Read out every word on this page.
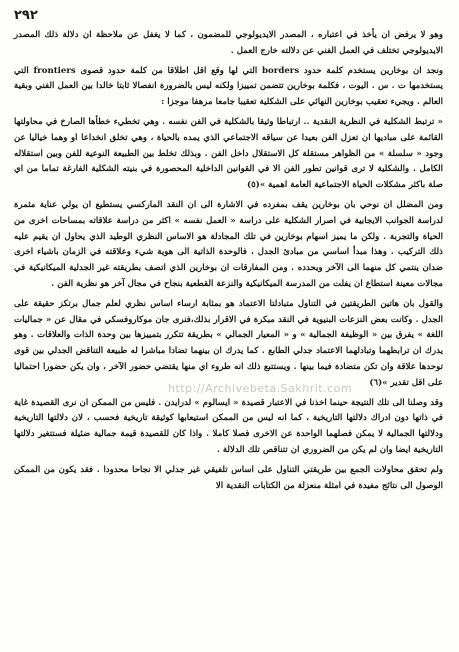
٢٩٢

وهو لا يرفض ان يأخذ في اعتباره ، المصدر الايديولوجي للمضمون ، كما لا يغفل عن ملاحظة ان دلالة ذلك المصدر الايديولوجي تختلف في العمل الفني عن دلالته خارج العمل .

ونجد ان بوخارين يستخدم كلمة حدود borders التي لها وقع اقل اطلاقا من كلمة حدود قصوى frontiers التي يستخدمها ت . س . اليوت ، فكلمة بوخارين تتضمن تمييزا ولكنه ليس بالضرورة انفصالا ثابتا خالدا بين العمل الفني وبقية العالم . ويجيء تعقيب بوخارين النهائي على الشكلية تعقيبا جامعا مرهفا موجزا :

« ترتبط الشكلية في النظرية النقدية .. ارتباطا وثيقا بالشكلية في الفن نفسه . وهي تخطيء خطأها الصارخ في محاولتها القائمة على مباديها ان تعزل الفن بعيدا عن سياقه الاجتماعي الذي يمده بالحياة ، وهي تخلق انخداعا او وهما خياليا عن وجود « سلسلة » من الظواهر مستقلة كل الاستقلال داخل الفن . وبذلك تخلط بين الطبيعة النوعية للفن وبين استقلاله الكامل . والشكلية لا ترى قوانين تطور الفن الا في القوانين الداخلية المحصورة في بنيته الشكلية الفارغة تماما من اي صلة باكثر مشكلات الحياة الاجتماعية العامة اهمية »(٥)

ومن المضلل ان نوحي بان بوخارين يقف بمفرده في الاشارة الى ان النقد الماركسي يستطيع ان يولي عناية مثمرة لدراسة الجوانب الايجابية في اصرار الشكلية على دراسة « العمل نفسه » اكثر من دراسة علاقاته بمساحات اخرى من الحياة والتجربة . ولكن ما يميز اسهام بوخارين في تلك المجادلة هو الاساس النظري الوطيد الذي يحاول ان يقيم عليه ذلك التركيب . وهذا مبدأ اساسي من مبادئ الجدل ، فالوحدة الذاتية الى هوية شيء وعلاقته في الزمان باشياء اخرى ضدان ينتمي كل منهما الى الآخر ويحدده . ومن المفارقات ان بوخارين الذي اتصف بطريقته غير الجدلية الميكانيكية في مجالات معينة استطاع ان يفلت من المدرسة الميكانيكية والنزعة القطعية بنجاح في مجال آخر هو نظرية الفن .

والقول بان هاتين الطريقتين في التناول متبادلتا الاعتماد هو بمثابة ارساء اساس نظري لعلم جمال برتكز حقيقة على الجدل . وكانت بعض النزعات البنيوية في النقد مبكرة في الاقرار بذلك،فنرى جان موكاروفسكي في مقال عن « جماليات اللغة » يفرق بين « الوظيفة الجمالية » و « المعيار الجمالي » بطريقة تتكرر بتمييزها بين وحدة الذات والعلاقات . وهو يدرك ان ترابطهما وتبادلهما الاعتماد جدلي الطابع . كما يدرك ان بينهما تضادا مباشرا له طبيعة التناقض الجدلي بين قوى توحدها علاقة وان تكن متضادة فيما بينها . ويستتبع ذلك انه طروء اي منها يقتضي حضور الآخر ، وان يكن حضورا احتماليا على اقل تقدير »(٦)

وقد وصلنا الى تلك النتيجة حينما اخذنا في الاعتبار قصيدة « ايسالوم » لدرايدن . فليس من الممكن ان نرى القصيدة غاية في ذاتها دون ادراك دلالتها التاريخية ، كما انه ليس من الممكن استيعابها كوثيقة تاريخية فحسب ، لان دلالتها التاريخية ودلالتها الجمالية لا يمكن فصلهما الواحدة عن الاخرى فصلا كاملا . واذا كان للقصيدة قيمة جمالية ضئيلة فستتغير دلالتها التاريخية ايضا وان لم يكن من الضروري ان تتناقص تلك الدلالة .

ولم تحقق محاولات الجمع بين طريقتي التناول على اساس تلفيقي غير جدلي الا نجاحا محدودا . فقد يكون من الممكن الوصول الى نتائج مفيدة في امثلة منعزلة من الكتابات النقدية الا

http://Archivebeta.Sakhrit.com
